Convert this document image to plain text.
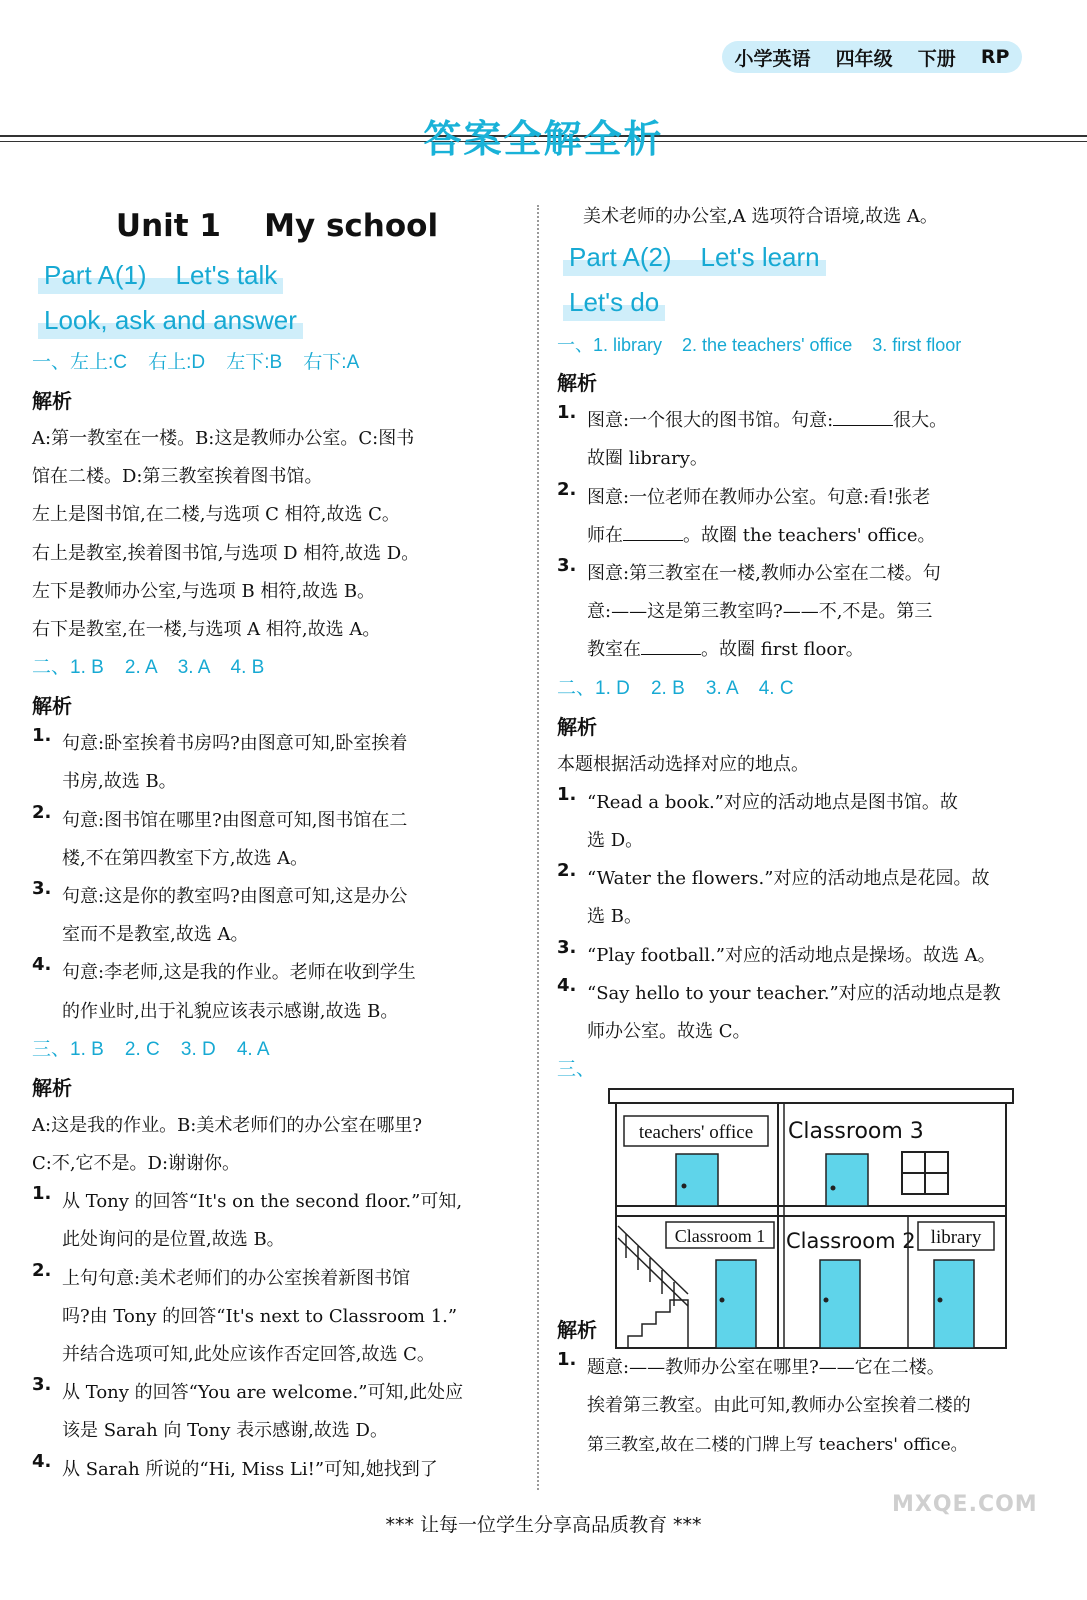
小学英语 四年级 下册 RP
答案全解全析
Unit 1    My school
Part A(1)    Let's talk
Look, ask and answer
一、左上:C    右上:D    左下:B    右下:A
解析

A:第一教室在一楼。B:这是教师办公室。C:图书

馆在二楼。D:第三教室挨着图书馆。

左上是图书馆,在二楼,与选项 C 相符,故选 C。

右上是教室,挨着图书馆,与选项 D 相符,故选 D。

左下是教师办公室,与选项 B 相符,故选 B。

右下是教室,在一楼,与选项 A 相符,故选 A。

二、1. B    2. A    3. A    4. B
解析
1. 句意:卧室挨着书房吗?由图意可知,卧室挨着

书房,故选 B。

2. 句意:图书馆在哪里?由图意可知,图书馆在二

楼,不在第四教室下方,故选 A。

3. 句意:这是你的教室吗?由图意可知,这是办公

室而不是教室,故选 A。

4. 句意:李老师,这是我的作业。老师在收到学生

的作业时,出于礼貌应该表示感谢,故选 B。

三、1. B    2. C    3. D    4. A
解析

A:这是我的作业。B:美术老师们的办公室在哪里?

C:不,它不是。D:谢谢你。

1. 从 Tony 的回答“It's on the second floor.”可知,

此处询问的是位置,故选 B。

2. 上句句意:美术老师们的办公室挨着新图书馆

吗?由 Tony 的回答“It's next to Classroom 1.”

并结合选项可知,此处应该作否定回答,故选 C。

3. 从 Tony 的回答“You are welcome.”可知,此处应

该是 Sarah 向 Tony 表示感谢,故选 D。

4. 从 Sarah 所说的“Hi, Miss Li!”可知,她找到了

美术老师的办公室,A 选项符合语境,故选 A。

Part A(2)    Let's learn
Let's do
一、1. library    2. the teachers' office    3. first floor
解析
1. 图意:一个很大的图书馆。句意:	很大。

故圈 library。

2. 图意:一位老师在教师办公室。句意:看!张老

师在	。故圈 the teachers' office。

3. 图意:第三教室在一楼,教师办公室在二楼。句

意:——这是第三教室吗?——不,不是。第三

教室在	。故圈 first floor。

二、1. D    2. B    3. A    4. C
解析

本题根据活动选择对应的地点。

1. “Read a book.”对应的活动地点是图书馆。故

选 D。

2. “Water the flowers.”对应的活动地点是花园。故

选 B。

3. “Play football.”对应的活动地点是操场。故选 A。

4. “Say hello to your teacher.”对应的活动地点是教

师办公室。故选 C。

三、
解析
1. 题意:——教师办公室在哪里?——它在二楼。

挨着第三教室。由此可知,教师办公室挨着二楼的

第三教室,故在二楼的门牌上写 teachers' office。

teachers' office Classroom 3
Classroom 1 Classroom 2 library
*** 让每一位学生分享高品质教育 ***
MXQE.COM
